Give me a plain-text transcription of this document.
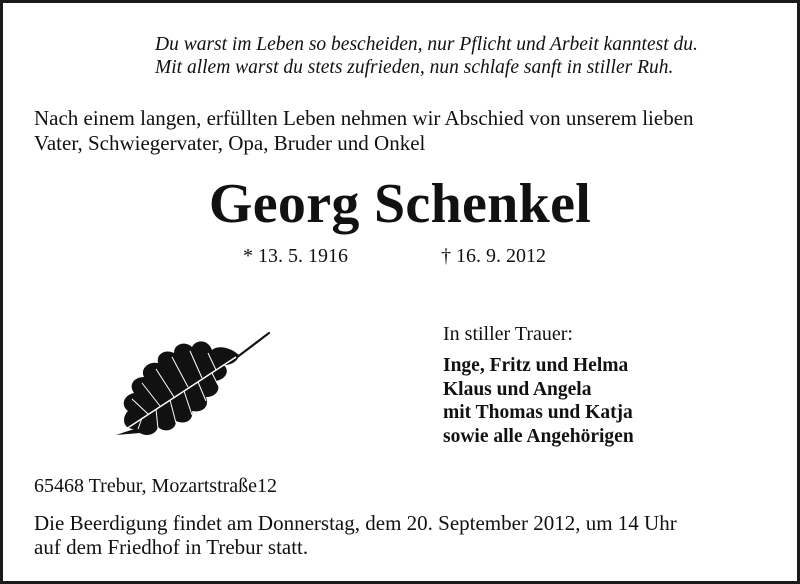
Du warst im Leben so bescheiden, nur Pflicht und Arbeit kanntest du.
Mit allem warst du stets zufrieden, nun schlafe sanft in stiller Ruh.
Nach einem langen, erfüllten Leben nehmen wir Abschied von unserem lieben
Vater, Schwiegervater, Opa, Bruder und Onkel
Georg Schenkel
* 13. 5. 1916	† 16. 9. 2012
In stiller Trauer:
Inge, Fritz und Helma
Klaus und Angela
mit Thomas und Katja
sowie alle Angehörigen
65468 Trebur, Mozartstraße12
Die Beerdigung findet am Donnerstag, dem 20. September 2012, um 14 Uhr
auf dem Friedhof in Trebur statt.
